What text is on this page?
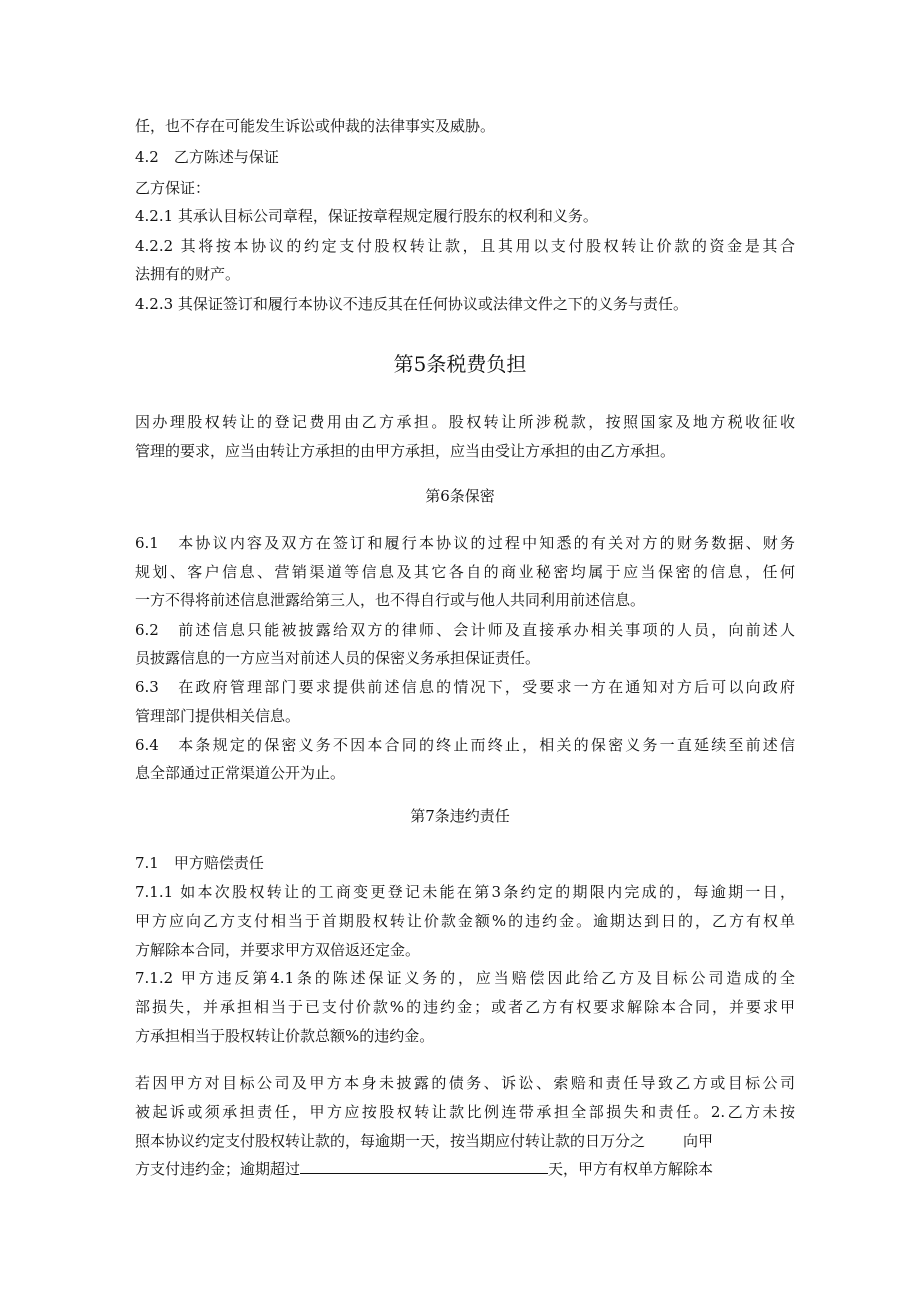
任，也不存在可能发生诉讼或仲裁的法律事实及威胁。
4.2　乙方陈述与保证
乙方保证：
4.2.1 其承认目标公司章程，保证按章程规定履行股东的权利和义务。
4.2.2 其将按本协议的约定支付股权转让款，且其用以支付股权转让价款的资金是其合
法拥有的财产。
4.2.3 其保证签订和履行本协议不违反其在任何协议或法律文件之下的义务与责任。
第5条税费负担
因办理股权转让的登记费用由乙方承担。股权转让所涉税款，按照国家及地方税收征收
管理的要求，应当由转让方承担的由甲方承担，应当由受让方承担的由乙方承担。
第6条保密
6.1　本协议内容及双方在签订和履行本协议的过程中知悉的有关对方的财务数据、财务
规划、客户信息、营销渠道等信息及其它各自的商业秘密均属于应当保密的信息，任何
一方不得将前述信息泄露给第三人，也不得自行或与他人共同利用前述信息。
6.2　前述信息只能被披露给双方的律师、会计师及直接承办相关事项的人员，向前述人
员披露信息的一方应当对前述人员的保密义务承担保证责任。
6.3　在政府管理部门要求提供前述信息的情况下，受要求一方在通知对方后可以向政府
管理部门提供相关信息。
6.4　本条规定的保密义务不因本合同的终止而终止，相关的保密义务一直延续至前述信
息全部通过正常渠道公开为止。
第7条违约责任
7.1　甲方赔偿责任
7.1.1 如本次股权转让的工商变更登记未能在第3条约定的期限内完成的，每逾期一日，
甲方应向乙方支付相当于首期股权转让价款金额%的违约金。逾期达到日的，乙方有权单
方解除本合同，并要求甲方双倍返还定金。
7.1.2 甲方违反第4.1条的陈述保证义务的，应当赔偿因此给乙方及目标公司造成的全
部损失，并承担相当于已支付价款%的违约金；或者乙方有权要求解除本合同，并要求甲
方承担相当于股权转让价款总额%的违约金。
若因甲方对目标公司及甲方本身未披露的债务、诉讼、索赔和责任导致乙方或目标公司
被起诉或须承担责任，甲方应按股权转让款比例连带承担全部损失和责任。2.乙方未按
照本协议约定支付股权转让款的，每逾期一天，按当期应付转让款的日万分之	向甲
方支付违约金；逾期超过	天，甲方有权单方解除本
